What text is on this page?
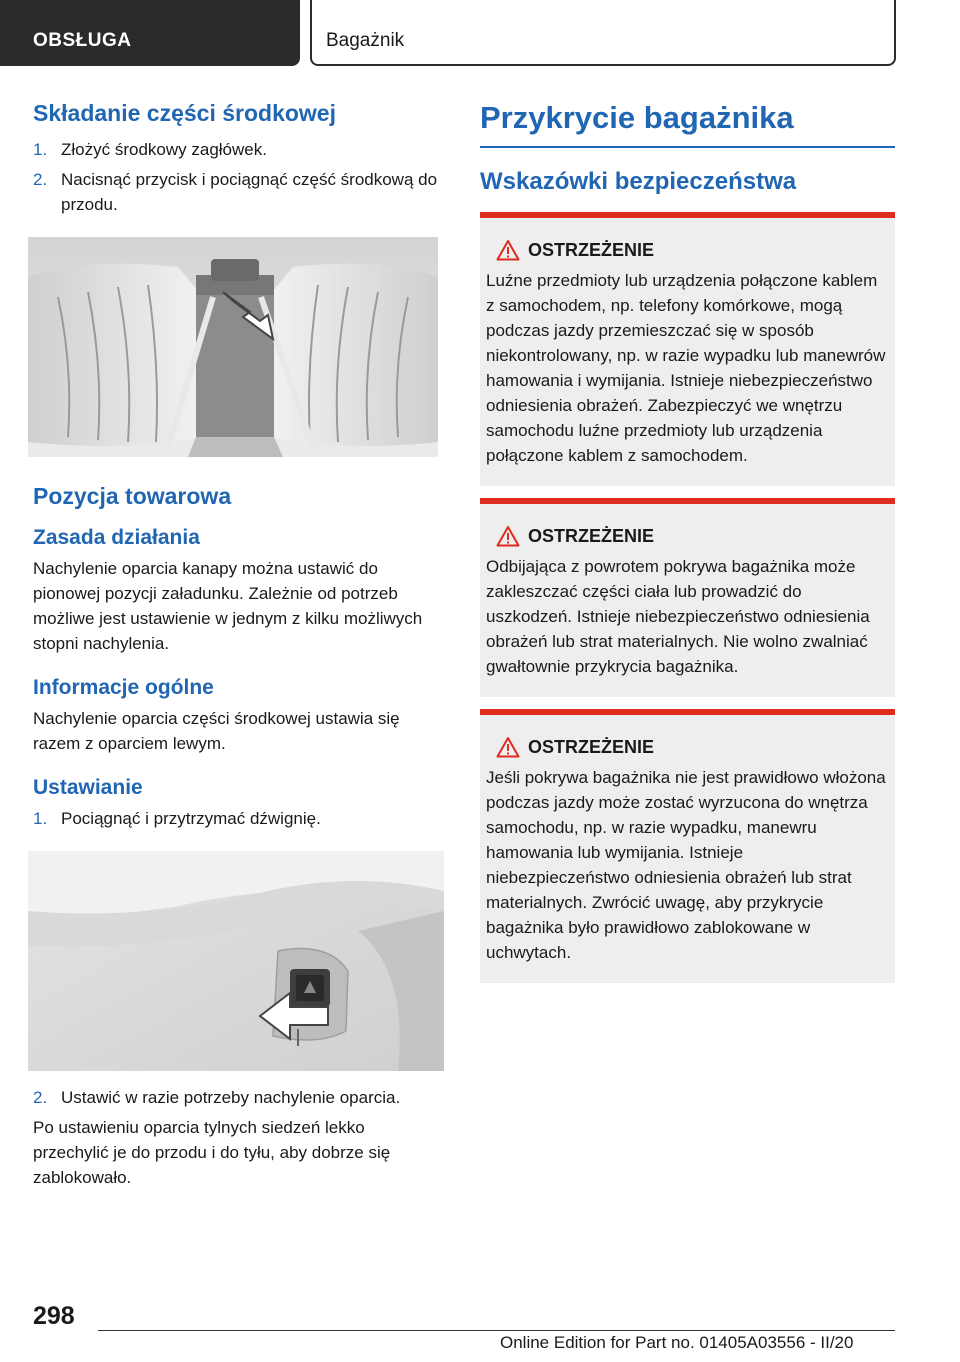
OBSŁUGA	Bagażnik
Składanie części środkowej
1. Złożyć środkowy zagłówek.
2. Nacisnąć przycisk i pociągnąć część środkową do przodu.
Pozycja towarowa
Zasada działania

Nachylenie oparcia kanapy można ustawić do pionowej pozycji załadunku. Zależnie od potrzeb możliwe jest ustawienie w jednym z kilku możliwych stopni nachylenia.

Informacje ogólne

Nachylenie oparcia części środkowej ustawia się razem z oparciem lewym.

Ustawianie
1. Pociągnąć i przytrzymać dźwignię.
2. Ustawić w razie potrzeby nachylenie oparcia.

Po ustawieniu oparcia tylnych siedzeń lekko przechylić je do przodu i do tyłu, aby dobrze się zablokowało.

Przykrycie bagażnika
Wskazówki bezpieczeństwa
OSTRZEŻENIE

Luźne przedmioty lub urządzenia połączone kablem z samochodem, np. telefony komórkowe, mogą podczas jazdy przemieszczać się w sposób niekontrolowany, np. w razie wypadku lub manewrów hamowania i wymijania. Istnieje niebezpieczeństwo odniesienia obrażeń. Zabezpieczyć we wnętrzu samochodu luźne przedmioty lub urządzenia połączone kablem z samochodem.

OSTRZEŻENIE

Odbijająca z powrotem pokrywa bagażnika może zakleszczać części ciała lub prowadzić do uszkodzeń. Istnieje niebezpieczeństwo odniesienia obrażeń lub strat materialnych. Nie wolno zwalniać gwałtownie przykrycia bagażnika.

OSTRZEŻENIE

Jeśli pokrywa bagażnika nie jest prawidłowo włożona podczas jazdy może zostać wyrzucona do wnętrza samochodu, np. w razie wypadku, manewru hamowania lub wymijania. Istnieje niebezpieczeństwo odniesienia obrażeń lub strat materialnych. Zwrócić uwagę, aby przykrycie bagażnika było prawidłowo zablokowane w uchwytach.

298
Online Edition for Part no. 01405A03556 - II/20
